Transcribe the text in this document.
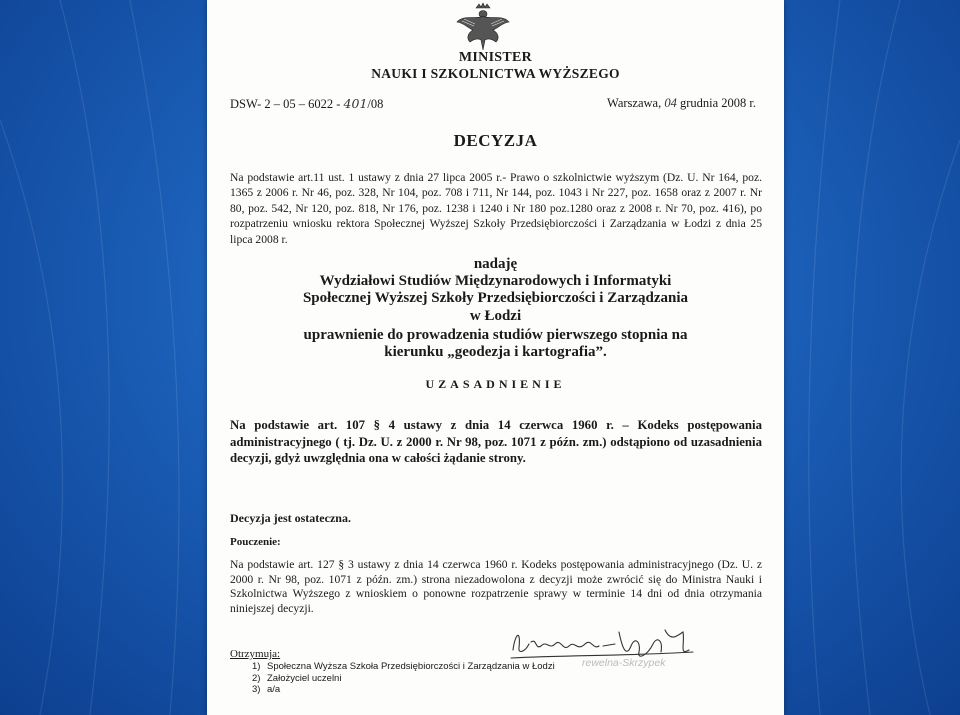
MINISTER
NAUKI I SZKOLNICTWA WYŻSZEGO
DSW- 2 – 05 – 6022 - 401/08	Warszawa, 04 grudnia 2008 r.
DECYZJA
Na podstawie art.11 ust. 1 ustawy z dnia 27 lipca 2005 r.- Prawo o szkolnictwie wyższym (Dz. U. Nr 164, poz. 1365 z 2006 r. Nr 46, poz. 328, Nr 104, poz. 708 i 711, Nr 144, poz. 1043 i Nr 227, poz. 1658 oraz z 2007 r. Nr 80, poz. 542, Nr 120, poz. 818, Nr 176, poz. 1238 i 1240 i Nr 180 poz.1280 oraz z 2008 r. Nr 70, poz. 416), po rozpatrzeniu wniosku rektora Społecznej Wyższej Szkoły Przedsiębiorczości i Zarządzania w Łodzi z dnia 25 lipca 2008 r.
nadaję
Wydziałowi Studiów Międzynarodowych i Informatyki
Społecznej Wyższej Szkoły Przedsiębiorczości i Zarządzania
w Łodzi
uprawnienie do prowadzenia studiów pierwszego stopnia na
kierunku „geodezja i kartografia”.
UZASADNIENIE
Na podstawie art. 107 § 4 ustawy z dnia 14 czerwca 1960 r. – Kodeks postępowania administracyjnego ( tj. Dz. U. z 2000 r. Nr 98, poz. 1071 z późn. zm.) odstąpiono od uzasadnienia decyzji, gdyż uwzględnia ona w całości żądanie strony.
Decyzja jest ostateczna.
Pouczenie:
Na podstawie art. 127 § 3 ustawy z dnia 14 czerwca 1960 r. Kodeks postępowania administracyjnego (Dz. U. z 2000 r. Nr 98, poz. 1071 z późn. zm.) strona niezadowolona z decyzji może zwrócić się do Ministra Nauki i Szkolnictwa Wyższego z wnioskiem o ponowne rozpatrzenie sprawy w terminie 14 dni od dnia otrzymania niniejszej decyzji.
rewelna-Skrzypek
Otrzymuja:
1) Społeczna Wyższa Szkoła Przedsiębiorczości i Zarządzania w Łodzi
2) Założyciel uczelni
3) a/a
